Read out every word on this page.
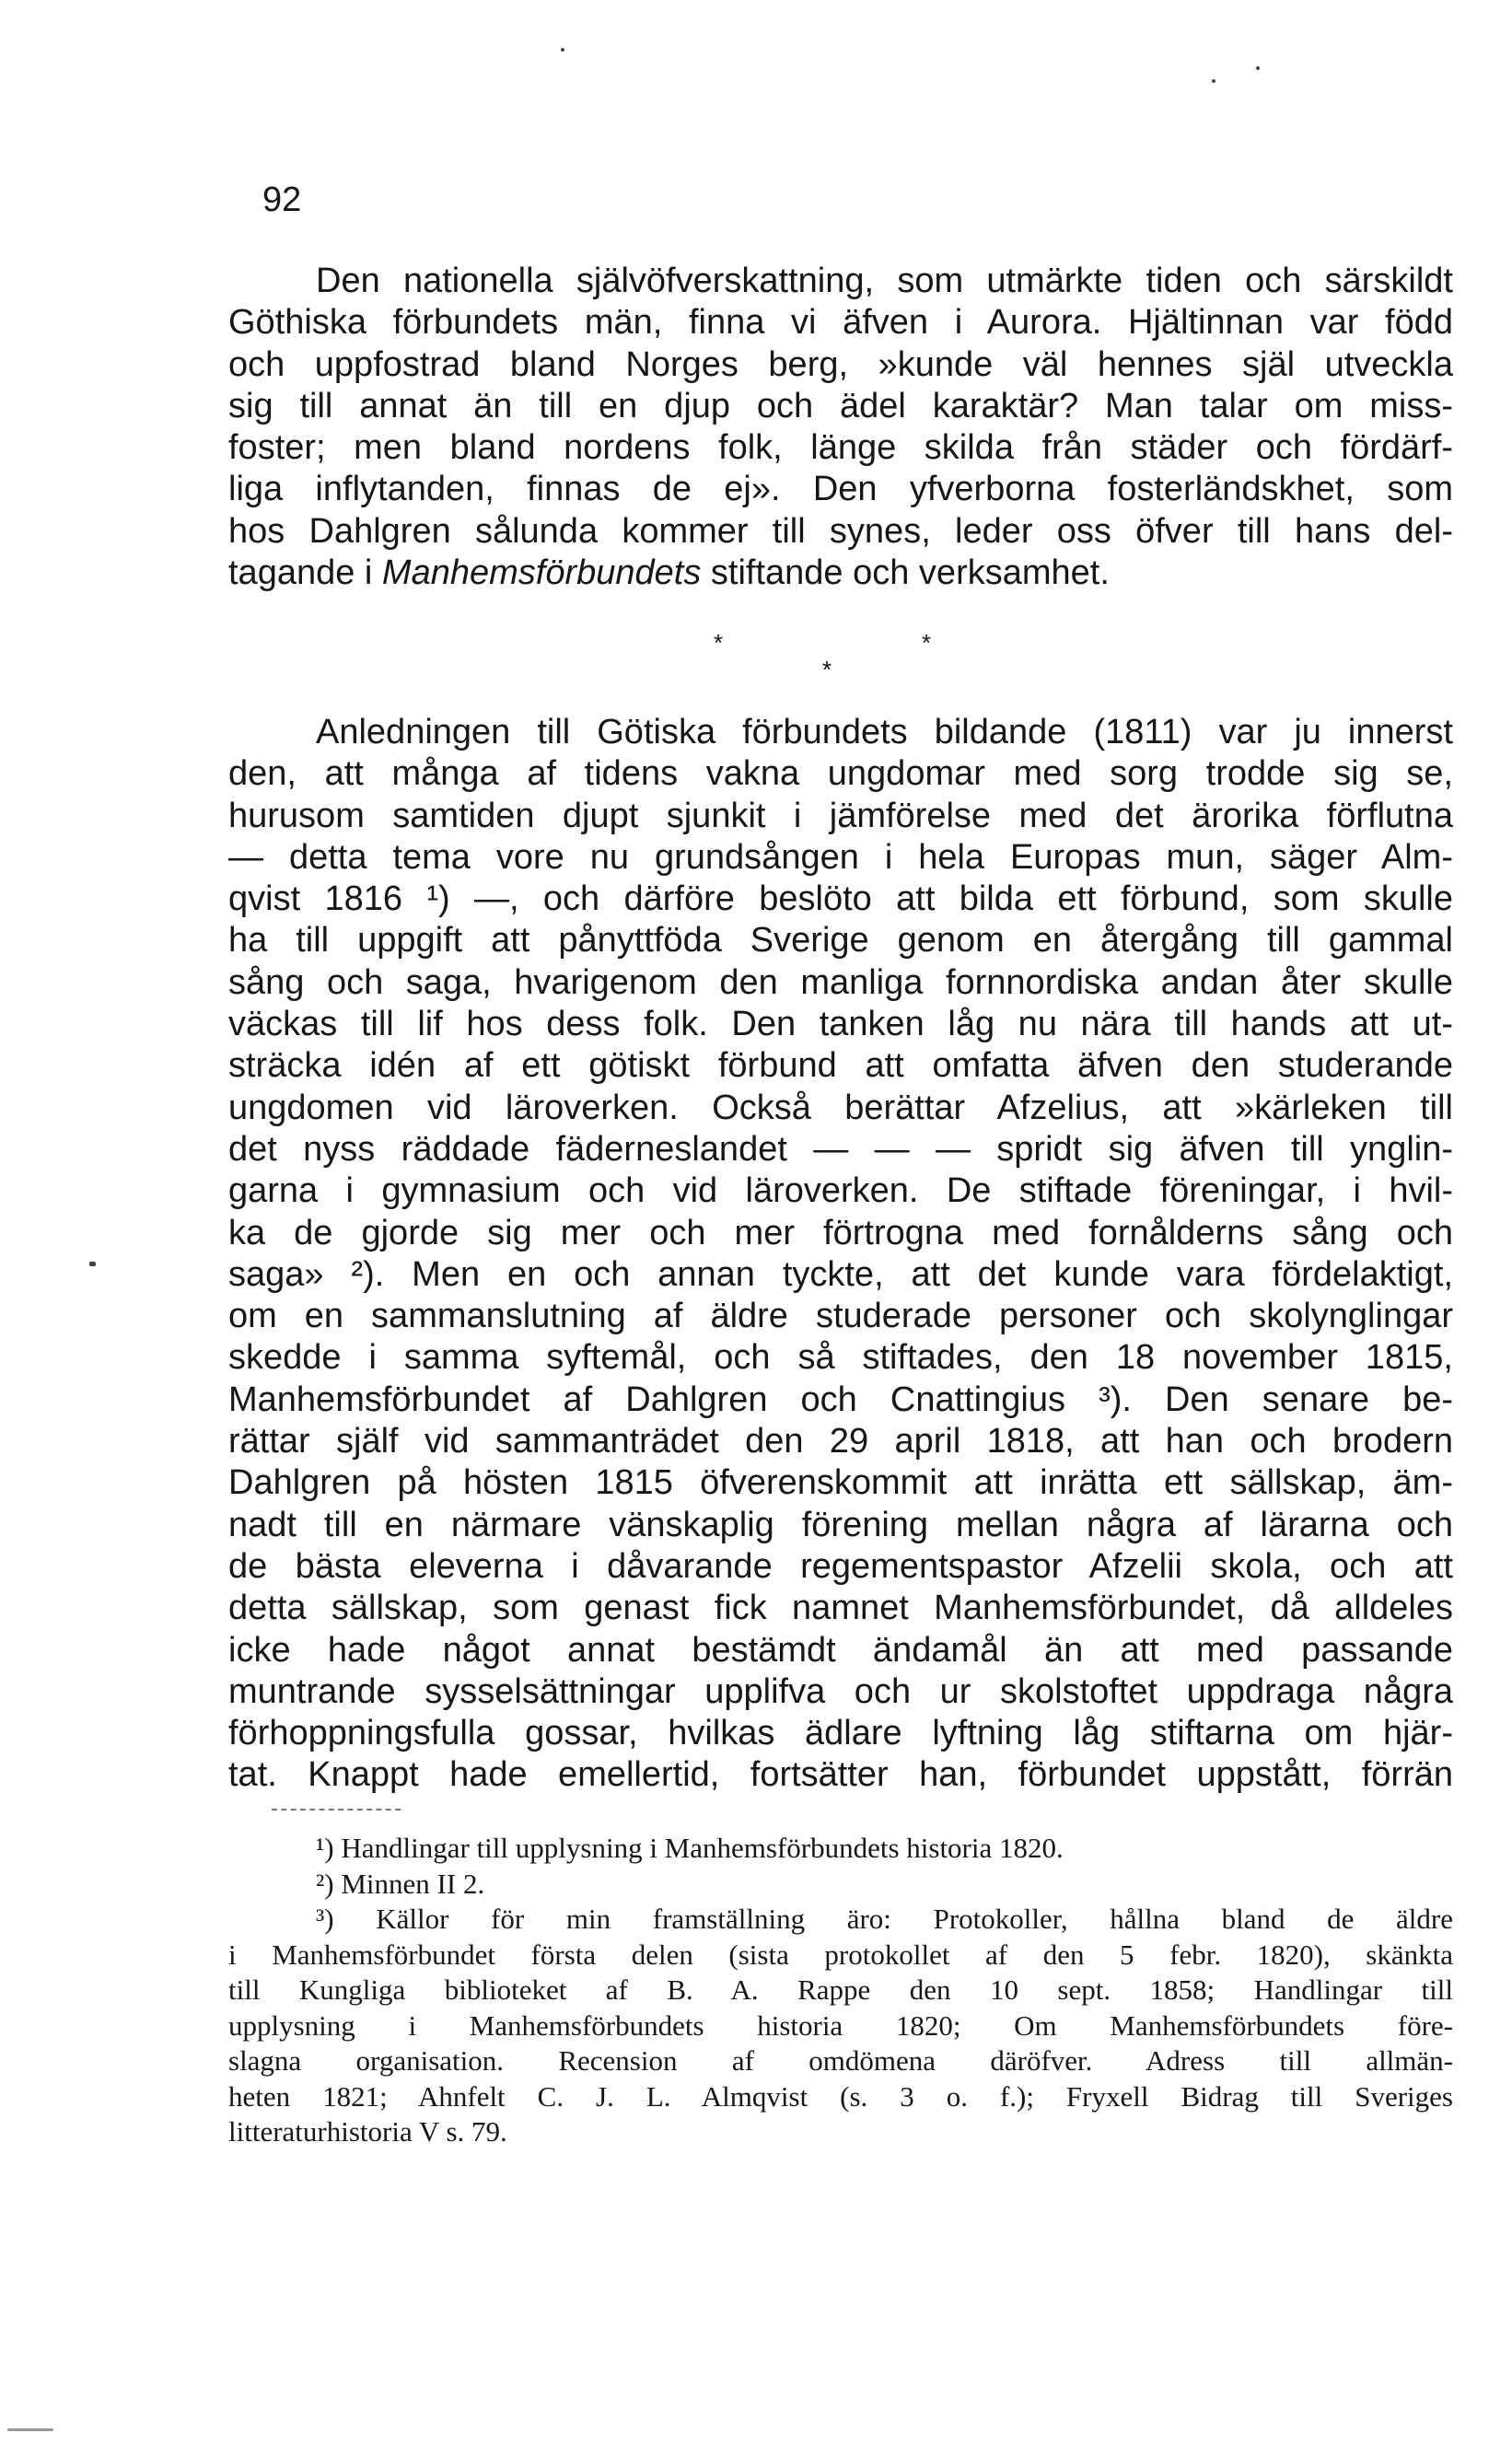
92
Den nationella självöfverskattning, som utmärkte tiden och särskildt
Göthiska förbundets män, finna vi äfven i Aurora. Hjältinnan var född
och uppfostrad bland Norges berg, »kunde väl hennes själ utveckla
sig till annat än till en djup och ädel karaktär? Man talar om miss-
foster; men bland nordens folk, länge skilda från städer och fördärf-
liga inflytanden, finnas de ej». Den yfverborna fosterländskhet, som
hos Dahlgren sålunda kommer till synes, leder oss öfver till hans del-
tagande i Manhemsförbundets stiftande och verksamhet.
*	*
*
Anledningen till Götiska förbundets bildande (1811) var ju innerst
den, att många af tidens vakna ungdomar med sorg trodde sig se,
hurusom samtiden djupt sjunkit i jämförelse med det ärorika förflutna
— detta tema vore nu grundsången i hela Europas mun, säger Alm-
qvist 1816 ¹) —, och därföre beslöto att bilda ett förbund, som skulle
ha till uppgift att pånyttföda Sverige genom en återgång till gammal
sång och saga, hvarigenom den manliga fornnordiska andan åter skulle
väckas till lif hos dess folk. Den tanken låg nu nära till hands att ut-
sträcka idén af ett götiskt förbund att omfatta äfven den studerande
ungdomen vid läroverken. Också berättar Afzelius, att »kärleken till
det nyss räddade fäderneslandet — — — spridt sig äfven till ynglin-
garna i gymnasium och vid läroverken. De stiftade föreningar, i hvil-
ka de gjorde sig mer och mer förtrogna med fornålderns sång och
saga» ²). Men en och annan tyckte, att det kunde vara fördelaktigt,
om en sammanslutning af äldre studerade personer och skolynglingar
skedde i samma syftemål, och så stiftades, den 18 november 1815,
Manhemsförbundet af Dahlgren och Cnattingius ³). Den senare be-
rättar själf vid sammanträdet den 29 april 1818, att han och brodern
Dahlgren på hösten 1815 öfverenskommit att inrätta ett sällskap, äm-
nadt till en närmare vänskaplig förening mellan några af lärarna och
de bästa eleverna i dåvarande regementspastor Afzelii skola, och att
detta sällskap, som genast fick namnet Manhemsförbundet, då alldeles
icke hade något annat bestämdt ändamål än att med passande
muntrande sysselsättningar upplifva och ur skolstoftet uppdraga några
förhoppningsfulla gossar, hvilkas ädlare lyftning låg stiftarna om hjär-
tat. Knappt hade emellertid, fortsätter han, förbundet uppstått, förrän
¹) Handlingar till upplysning i Manhemsförbundets historia 1820.
²) Minnen II 2.
³) Källor för min framställning äro: Protokoller, hållna bland de äldre
i Manhemsförbundet första delen (sista protokollet af den 5 febr. 1820), skänkta
till Kungliga biblioteket af B. A. Rappe den 10 sept. 1858; Handlingar till
upplysning i Manhemsförbundets historia 1820; Om Manhemsförbundets före-
slagna organisation. Recension af omdömena däröfver. Adress till allmän-
heten 1821; Ahnfelt C. J. L. Almqvist (s. 3 o. f.); Fryxell Bidrag till Sveriges
litteraturhistoria V s. 79.
